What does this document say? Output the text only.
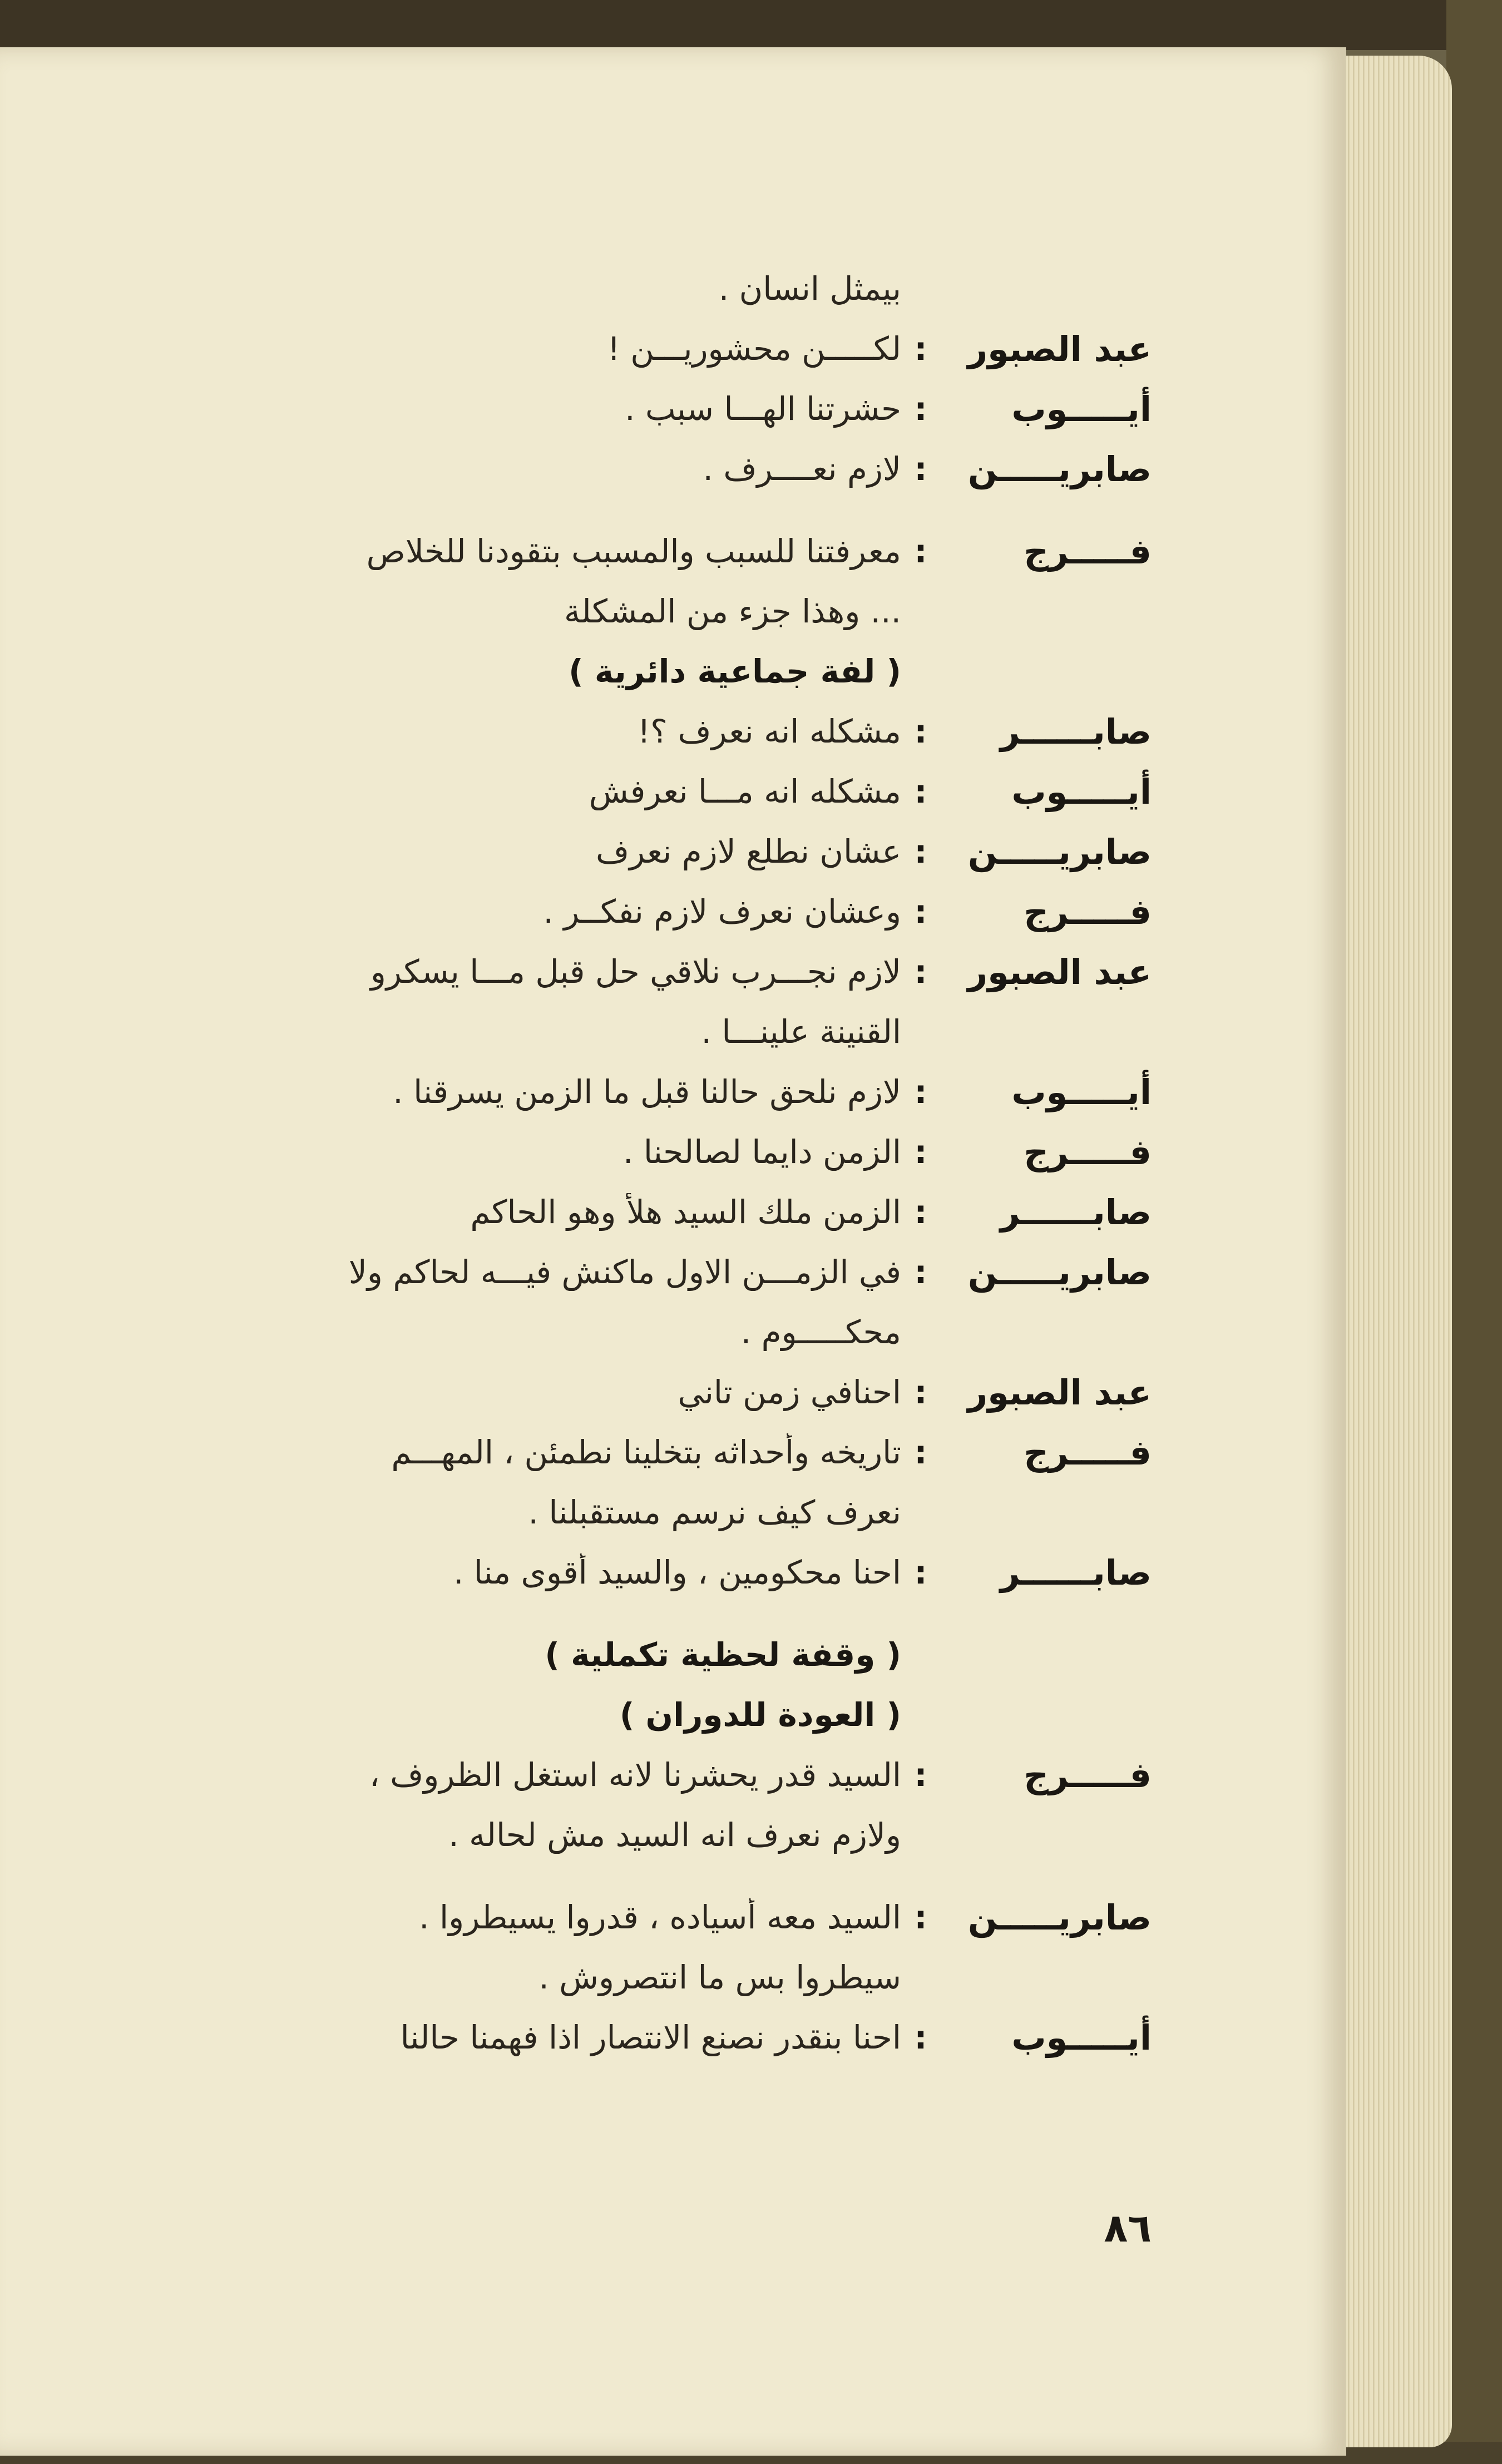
بيمثل انسان .
عبد الصبور
:
لكـــــن محشوريـــن !
أيـــــوب
:
حشرتنا الهـــا سبب .
صابريـــــن
:
لازم نعــــرف .
فـــــرج
:
معرفتنا للسبب والمسبب بتقودنا للخلاص
... وهذا جزء من المشكلة
( لفة جماعية دائرية )
صابــــــر
:
مشكله انه نعرف ؟!
أيـــــوب
:
مشكله انه مـــا نعرفش
صابريـــــن
:
عشان نطلع لازم نعرف
فـــــرج
:
وعشان نعرف لازم نفكــر .
عبد الصبور
:
لازم نجـــرب نلاقي حل قبل مـــا يسكرو
القنينة علينـــا .
أيـــــوب
:
لازم نلحق حالنا قبل ما الزمن يسرقنا .
فـــــرج
:
الزمن دايما لصالحنا .
صابــــــر
:
الزمن ملك السيد هلأ وهو الحاكم
صابريـــــن
:
في الزمـــن الاول ماكنش فيـــه لحاكم ولا
محكـــــوم .
عبد الصبور
:
احنافي زمن تاني
فـــــرج
:
تاريخه وأحداثه بتخلينا نطمئن ، المهـــم
نعرف كيف نرسم مستقبلنا .
صابــــــر
:
احنا محكومين ، والسيد أقوى منا .
( وقفة لحظية تكملية )
( العودة للدوران )
فـــــرج
:
السيد قدر يحشرنا لانه استغل الظروف ،
ولازم نعرف انه السيد مش لحاله .
صابريـــــن
:
السيد معه أسياده ، قدروا يسيطروا .
سيطروا بس ما انتصروش .
أيـــــوب
:
احنا بنقدر نصنع الانتصار اذا فهمنا حالنا
٨٦
